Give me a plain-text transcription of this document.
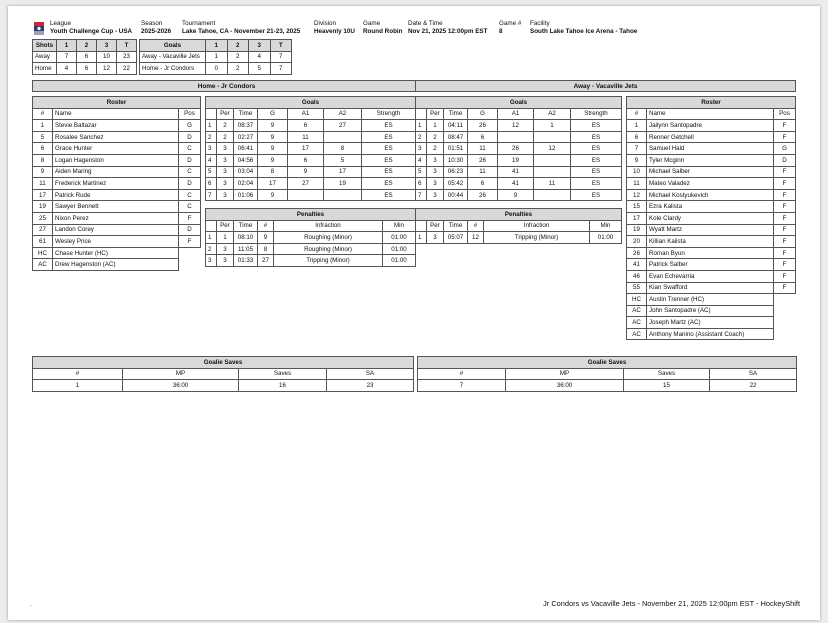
League
Youth Challenge Cup - USA
Season
2025-2026
Tournament
Lake Tahoe, CA - November 21-23, 2025
Division
Heavenly 10U
Game
Round Robin
Date & Time
Nov 21, 2025 12:00pm EST
Game #
8
Facility
South Lake Tahoe Ice Arena - Tahoe
Shots	1	2	3	T
Away	7	6	10	23
Home	4	6	12	22
Goals	1	2	3	T
Away - Vacaville Jets	1	2	4	7
Home - Jr Condors	0	2	5	7
Home - Jr Condors	Away - Vacaville Jets
Roster		
#	Name	Pos
1	Stevie Baltazar	G
5	Rosalee Sanchez	D
6	Grace Hunter	C
8	Logan Hagenston	D
9	Aiden Maring	C
11	Frederick Martinez	D
17	Patrick Rude	C
19	Sawyer Bennett	C
25	Nixon Perez	F
27	Landon Corey	D
61	Wesley Price	F
HC	Chase Hunter (HC)	
AC	Drew Hagenston (AC)	
Goals						
	Per	Time	G	A1	A2	Strength
1	2	08:37	9	6	27	ES
2	2	02:27	9	11		ES
3	3	06:41	9	17	8	ES
4	3	04:56	9	6	5	ES
5	3	03:04	8	9	17	ES
6	3	02:04	17	27	19	ES
7	3	01:06	9			ES
Penalties					
	Per	Time	#	Infraction	Min
1	1	08:10	9	Roughing (Minor)	01:00
2	3	11:05	8	Roughing (Minor)	01:00
3	3	01:33	27	Tripping (Minor)	01:00
Goals						
	Per	Time	G	A1	A2	Strength
1	1	04:11	26	12	1	ES
2	2	08:47	6			ES
3	2	01:51	11	26	12	ES
4	3	10:30	26	19		ES
5	3	06:23	11	41		ES
6	3	05:42	6	41	11	ES
7	3	00:44	26	9		ES
Penalties					
	Per	Time	#	Infraction	Min
1	3	05:07	12	Tripping (Minor)	01:00
Roster		
#	Name	Pos
1	Jailynn Santopadre	F
6	Renner Getchell	F
7	Samuel Hald	G
9	Tyler Mcginn	D
10	Michael Salber	F
11	Mateo Valadez	F
12	Michael Kostyukevich	F
15	Ezra Kalista	F
17	Kole Clardy	F
19	Wyatt Martz	F
20	Killian Kalista	F
26	Roman Byun	F
41	Patrick Salber	F
46	Evan Echevarria	F
55	Kian Swafford	F
HC	Austin Trenner (HC)	
AC	John Santopadre (AC)	
AC	Joseph Martz (AC)	
AC	Anthony Manino (Assistant Coach)	
Goalie Saves			
#	MP	Saves	SA
1	36:00	16	23
Goalie Saves			
#	MP	Saves	SA
7	36:00	15	22
.	Jr Condors vs Vacaville Jets - November 21, 2025 12:00pm EST - HockeyShift
